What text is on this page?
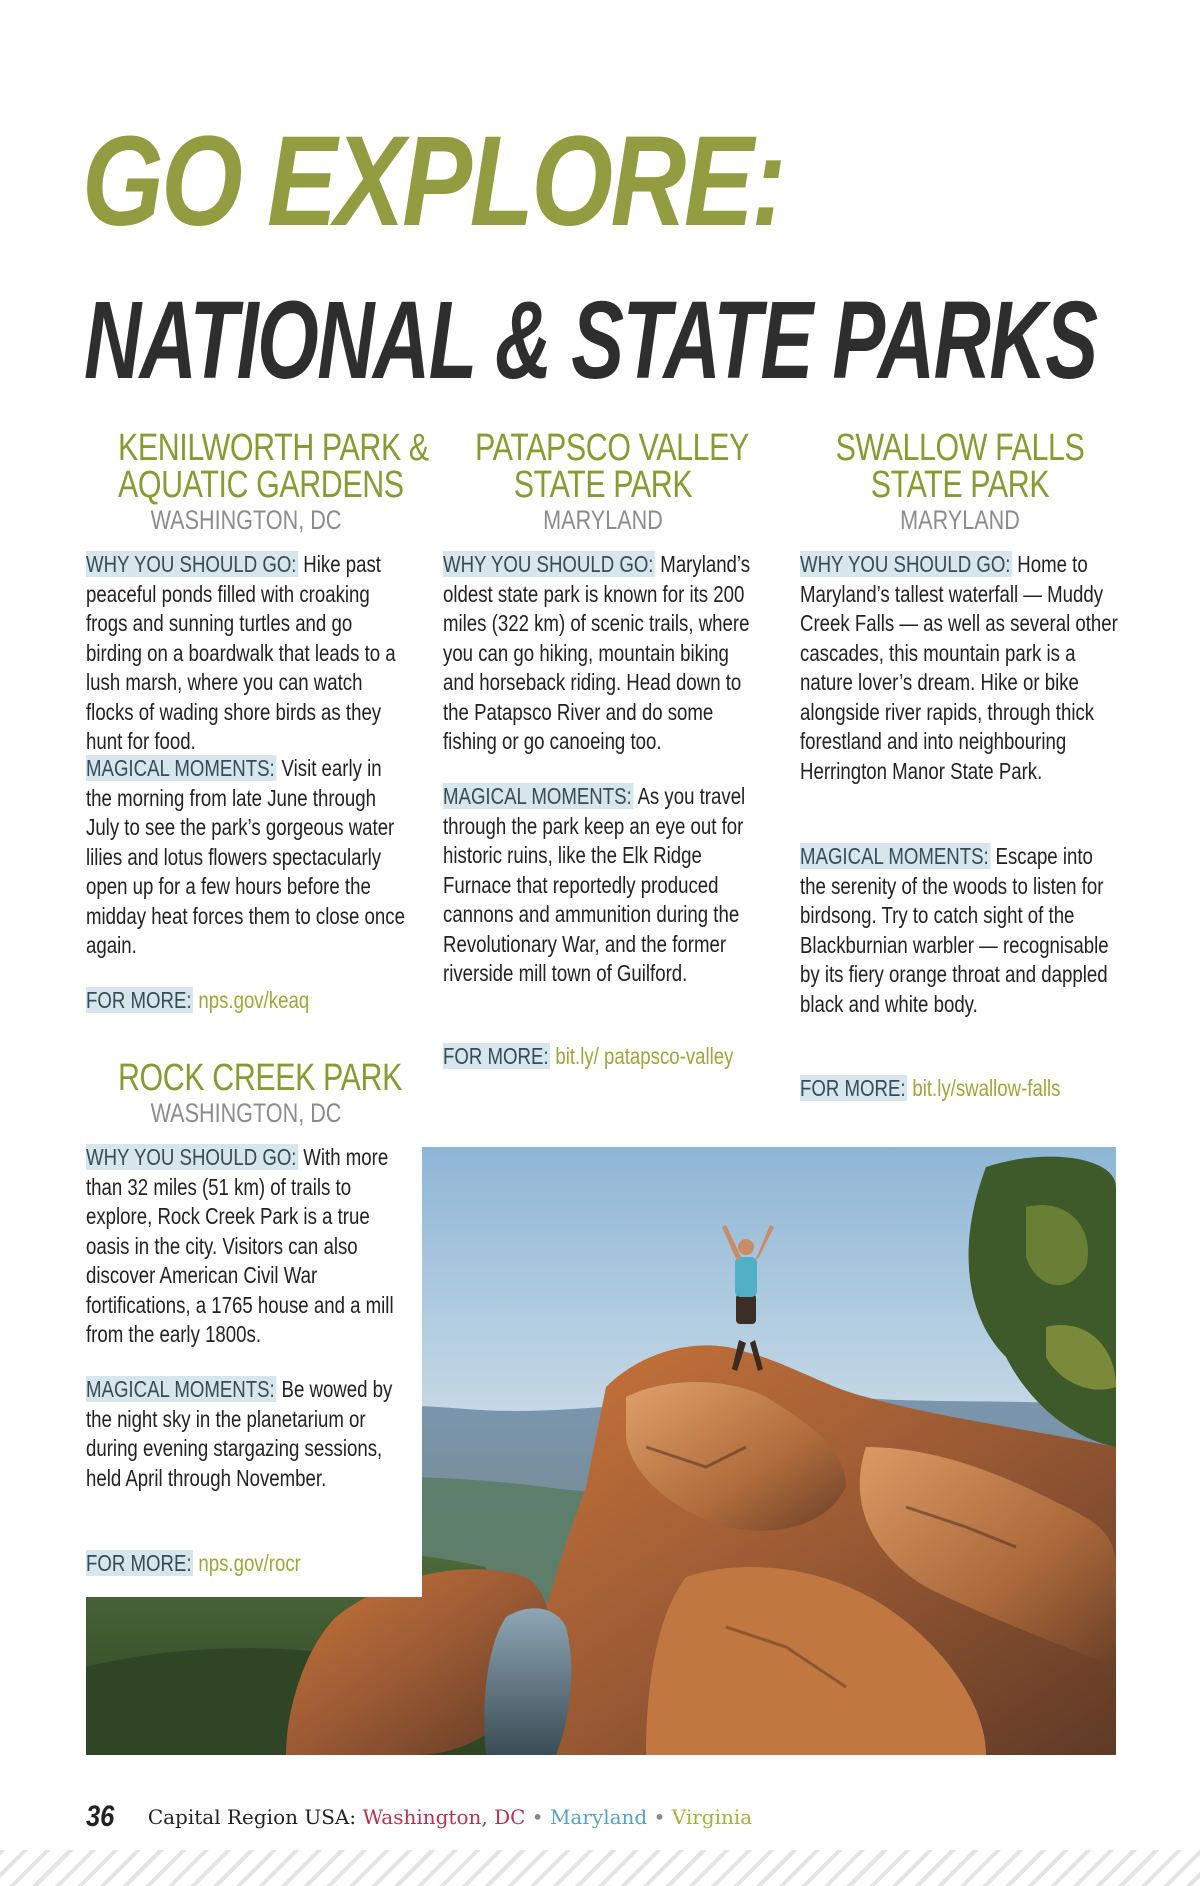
GO EXPLORE:
NATIONAL & STATE PARKS
KENILWORTH PARK &
AQUATIC GARDENS
WASHINGTON, DC
WHY YOU SHOULD GO: Hike past peaceful ponds filled with croaking frogs and sunning turtles and go birding on a boardwalk that leads to a lush marsh, where you can watch flocks of wading shore birds as they hunt for food.
MAGICAL MOMENTS: Visit early in the morning from late June through July to see the park’s gorgeous water lilies and lotus flowers spectacularly open up for a few hours before the midday heat forces them to close once again.
FOR MORE: nps.gov/keaq
PATAPSCO VALLEY
STATE PARK
MARYLAND
WHY YOU SHOULD GO: Maryland’s oldest state park is known for its 200 miles (322 km) of scenic trails, where you can go hiking, mountain biking and horseback riding. Head down to the Patapsco River and do some fishing or go canoeing too.
MAGICAL MOMENTS: As you travel through the park keep an eye out for historic ruins, like the Elk Ridge Furnace that reportedly produced cannons and ammunition during the Revolutionary War, and the former riverside mill town of Guilford.
FOR MORE: bit.ly/ patapsco-valley
SWALLOW FALLS
STATE PARK
MARYLAND
WHY YOU SHOULD GO: Home to Maryland’s tallest waterfall — Muddy Creek Falls — as well as several other cascades, this mountain park is a nature lover’s dream. Hike or bike alongside river rapids, through thick forestland and into neighbouring Herrington Manor State Park.
MAGICAL MOMENTS: Escape into the serenity of the woods to listen for birdsong. Try to catch sight of the Blackburnian warbler — recognisable by its fiery orange throat and dappled black and white body.
FOR MORE: bit.ly/swallow-falls
ROCK CREEK PARK
WASHINGTON, DC
WHY YOU SHOULD GO: With more than 32 miles (51 km) of trails to explore, Rock Creek Park is a true oasis in the city. Visitors can also discover American Civil War fortifications, a 1765 house and a mill from the early 1800s.
MAGICAL MOMENTS: Be wowed by the night sky in the planetarium or during evening stargazing sessions, held April through November.
FOR MORE: nps.gov/rocr
36 Capital Region USA: Washington, DC • Maryland • Virginia
